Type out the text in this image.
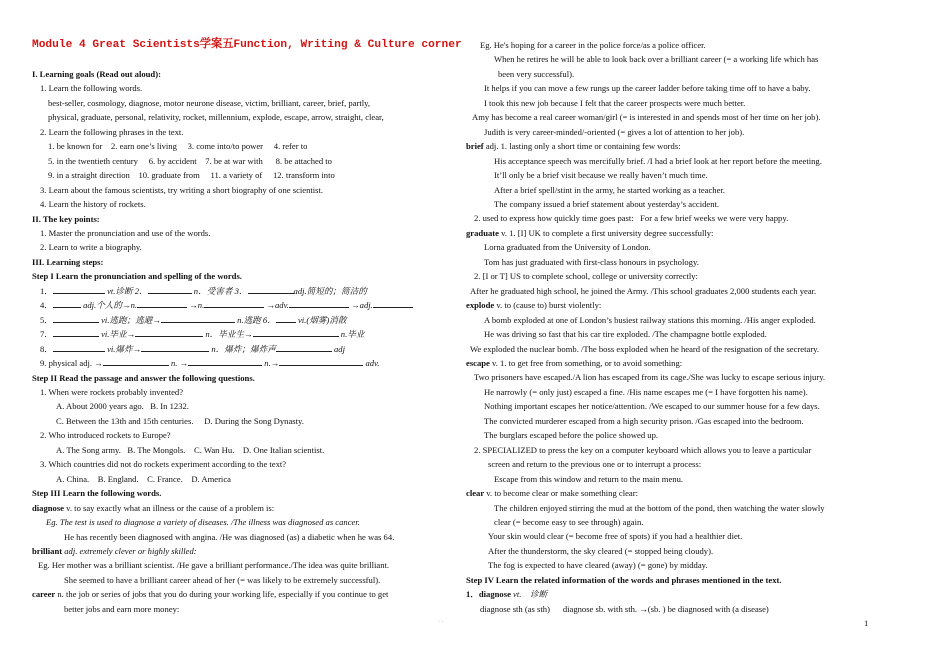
Module 4 Great Scientists学案五Function, Writing & Culture corner
I. Learning goals (Read out aloud):
1. Learn the following words.
best-seller, cosmology, diagnose, motor neurone disease, victim, brilliant, career, brief, partly,
physical, graduate, personal, relativity, rocket, millennium, explode, escape, arrow, straight, clear,
2. Learn the following phrases in the text.
1. be known for    2. earn one’s living     3. come into/to power     4. refer to
5. in the twentieth century     6. by accident    7. be at war with      8. be attached to
9. in a straight direction    10. graduate from     11. a variety of     12. transform into
3. Learn about the famous scientists, try writing a short biography of one scientist.
4. Learn the history of rockets.
II. The key points:
1. Master the pronunciation and use of the words.
2. Learn to write a biography.
III. Learning steps:
Step I Learn the pronunciation and spelling of the words.
1．	vt.诊断 2．	n．受害者 3．	adj.简短的；简洁的
4．	adj.个人的→n.	→n.	→adv.	→adj.
5．	vi.逃跑；逃避→	n.逃跑 6．	vi.(烟雾)消散
7．	vi.毕业→	n．毕业生→	n.毕业
8．	vi.爆炸→	n．爆炸；爆炸声	adj
9. physical adj. →	n. →	n.→	adv.
Step II Read the passage and answer the following questions.
1. When were rockets probably invented?
A. About 2000 years ago.   B. In 1232.
C. Between the 13th and 15th centuries.     D. During the Song Dynasty.
2. Who introduced rockets to Europe?
A. The Song army.   B. The Mongols.    C. Wan Hu.    D. One Italian scientist.
3. Which countries did not do rockets experiment according to the text?
A. China.    B. England.    C. France.    D. America
Step III Learn the following words.
diagnose v. to say exactly what an illness or the cause of a problem is:
Eg. The test is used to diagnose a variety of diseases. /The illness was diagnosed as cancer.
He has recently been diagnosed with angina. /He was diagnosed (as) a diabetic when he was 64.
brilliant adj. extremely clever or highly skilled:
Eg. Her mother was a brilliant scientist. /He gave a brilliant performance./The idea was quite brilliant.
She seemed to have a brilliant career ahead of her (= was likely to be extremely successful).
career n. the job or series of jobs that you do during your working life, especially if you continue to get
better jobs and earn more money:
Eg. He's hoping for a career in the police force/as a police officer.
When he retires he will be able to look back over a brilliant career (= a working life which has
been very successful).
It helps if you can move a few rungs up the career ladder before taking time off to have a baby.
I took this new job because I felt that the career prospects were much better.
Amy has become a real career woman/girl (= is interested in and spends most of her time on her job).
Judith is very career-minded/-oriented (= gives a lot of attention to her job).
brief adj. 1. lasting only a short time or containing few words:
His acceptance speech was mercifully brief. /I had a brief look at her report before the meeting.
It’ll only be a brief visit because we really haven’t much time.
After a brief spell/stint in the army, he started working as a teacher.
The company issued a brief statement about yesterday’s accident.
2. used to express how quickly time goes past:   For a few brief weeks we were very happy.
graduate v. 1. [I] UK to complete a first university degree successfully:
Lorna graduated from the University of London.
Tom has just graduated with first-class honours in psychology.
2. [I or T] US to complete school, college or university correctly:
After he graduated high school, he joined the Army. /This school graduates 2,000 students each year.
explode v. to (cause to) burst violently:
A bomb exploded at one of London’s busiest railway stations this morning. /His anger exploded.
He was driving so fast that his car tire exploded. /The champagne bottle exploded.
We exploded the nuclear bomb. /The boss exploded when he heard of the resignation of the secretary.
escape v. 1. to get free from something, or to avoid something:
Two prisoners have escaped./A lion has escaped from its cage./She was lucky to escape serious injury.
He narrowly (= only just) escaped a fine. /His name escapes me (= I have forgotten his name).
Nothing important escapes her notice/attention. /We escaped to our summer house for a few days.
The convicted murderer escaped from a high security prison. /Gas escaped into the bedroom.
The burglars escaped before the police showed up.
2. SPECIALIZED to press the key on a computer keyboard which allows you to leave a particular
screen and return to the previous one or to interrupt a process:
Escape from this window and return to the main menu.
clear v. to become clear or make something clear:
The children enjoyed stirring the mud at the bottom of the pond, then watching the water slowly
clear (= become easy to see through) again.
Your skin would clear (= become free of spots) if you had a healthier diet.
After the thunderstorm, the sky cleared (= stopped being cloudy).
The fog is expected to have cleared (away) (= gone) by midday.
Step IV Learn the related information of the words and phrases mentioned in the text.
1．diagnose vt.    诊断
diagnose sth (as sth)      diagnose sb. with sth. →(sb. ) be diagnosed with (a disease)
· ·	1
